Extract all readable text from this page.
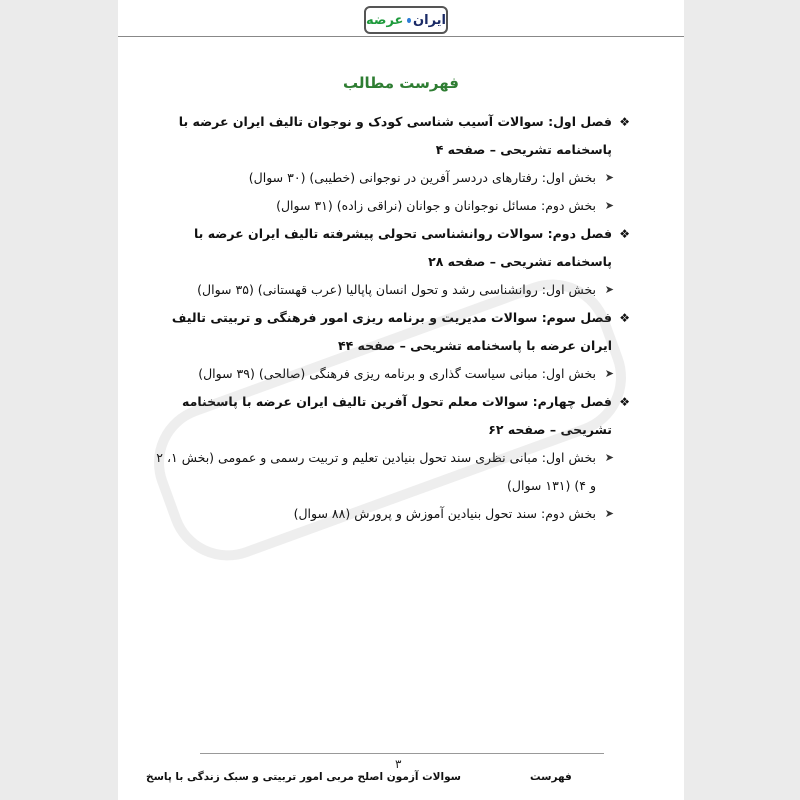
ایران
عرضه
فهرست مطالب
❖
فصل اول: سوالات آسیب شناسی کودک و نوجوان تالیف ایران عرضه با پاسخنامه تشریحی – صفحه ۴
➤
بخش اول: رفتارهای دردسر آفرین در نوجوانی (خطیبی) (۳۰ سوال)
➤
بخش دوم: مسائل نوجوانان و جوانان (نراقی زاده) (۳۱ سوال)
❖
فصل دوم: سوالات روانشناسی تحولی پیشرفته تالیف ایران عرضه با پاسخنامه تشریحی – صفحه ۲۸
➤
بخش اول: روانشناسی رشد و تحول انسان پاپالیا (عرب قهستانی) (۳۵ سوال)
❖
فصل سوم: سوالات مدیریت و برنامه ریزی امور فرهنگی و تربیتی تالیف ایران عرضه با پاسخنامه تشریحی – صفحه ۴۴
➤
بخش اول: مبانی سیاست گذاری و برنامه ریزی فرهنگی (صالحی) (۳۹ سوال)
❖
فصل چهارم: سوالات معلم تحول آفرین تالیف ایران عرضه با پاسخنامه تشریحی – صفحه ۶۲
➤
بخش اول: مبانی نظری سند تحول بنیادین تعلیم و تربیت رسمی و عمومی (بخش ۱، ۲ و ۴) (۱۳۱ سوال)
➤
بخش دوم: سند تحول بنیادین آموزش و پرورش (۸۸ سوال)
۳
سوالات آزمون اصلح مربی امور تربیتی و سبک زندگی با پاسخ	فهرست
